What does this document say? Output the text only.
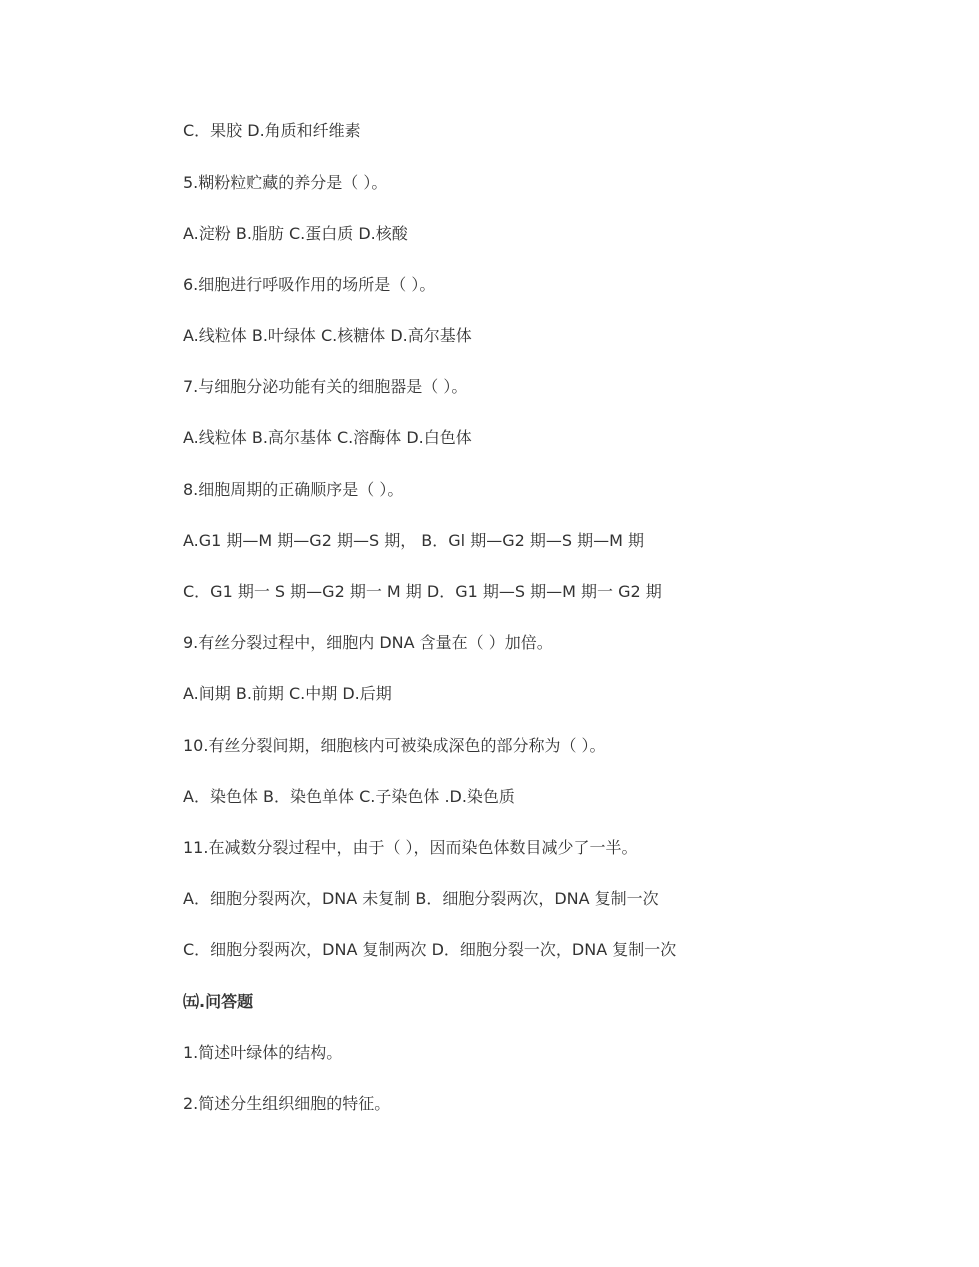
C．果胶 D.角质和纤维素

5.糊粉粒贮藏的养分是（ ）。

A.淀粉 B.脂肪 C.蛋白质 D.核酸

6.细胞进行呼吸作用的场所是（ ）。

A.线粒体 B.叶绿体 C.核糖体 D.高尔基体

7.与细胞分泌功能有关的细胞器是（ ）。

A.线粒体 B.高尔基体 C.溶酶体 D.白色体

8.细胞周期的正确顺序是（ ）。

A.G1 期—M 期—G2 期—S 期， B．Gl 期—G2 期—S 期—M 期

C．G1 期一 S 期—G2 期一 M 期 D．G1 期—S 期—M 期一 G2 期

9.有丝分裂过程中，细胞内 DNA 含量在（ ）加倍。

A.间期 B.前期 C.中期 D.后期

10.有丝分裂间期，细胞核内可被染成深色的部分称为（ ）。

A．染色体 B．染色单体 C.子染色体 .D.染色质

11.在减数分裂过程中，由于（ ），因而染色体数目减少了一半。

A．细胞分裂两次，DNA 未复制 B．细胞分裂两次，DNA 复制一次

C．细胞分裂两次，DNA 复制两次 D．细胞分裂一次，DNA 复制一次

㈤.问答题

1.简述叶绿体的结构。

2.简述分生组织细胞的特征。
